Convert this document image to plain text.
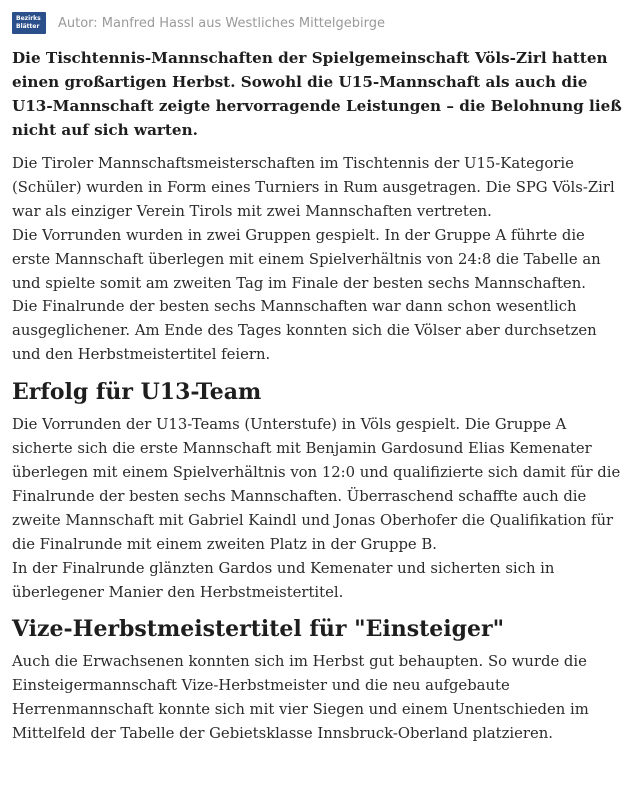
Bezirks
Blätter Autor: Manfred Hassl aus Westliches Mittelgebirge

Die Tischtennis-Mannschaften der Spielgemeinschaft Völs-Zirl hatten einen großartigen Herbst. Sowohl die U15-Mannschaft als auch die U13-Mannschaft zeigte hervorragende Leistungen – die Belohnung ließ nicht auf sich warten.

Die Tiroler Mannschaftsmeisterschaften im Tischtennis der U15-Kategorie (Schüler) wurden in Form eines Turniers in Rum ausgetragen. Die SPG Völs-Zirl war als einziger Verein Tirols mit zwei Mannschaften vertreten.
Die Vorrunden wurden in zwei Gruppen gespielt. In der Gruppe A führte die erste Mannschaft überlegen mit einem Spielverhältnis von 24:8 die Tabelle an und spielte somit am zweiten Tag im Finale der besten sechs Mannschaften.
Die Finalrunde der besten sechs Mannschaften war dann schon wesentlich ausgeglichener. Am Ende des Tages konnten sich die Völser aber durchsetzen und den Herbstmeistertitel feiern.
Erfolg für U13-Team
Die Vorrunden der U13-Teams (Unterstufe) in Völs gespielt. Die Gruppe A sicherte sich die erste Mannschaft mit Benjamin Gardosund Elias Kemenater überlegen mit einem Spielverhältnis von 12:0 und qualifizierte sich damit für die Finalrunde der besten sechs Mannschaften. Überraschend schaffte auch die zweite Mannschaft mit Gabriel Kaindl und Jonas Oberhofer die Qualifikation für die Finalrunde mit einem zweiten Platz in der Gruppe B.
In der Finalrunde glänzten Gardos und Kemenater und sicherten sich in überlegener Manier den Herbstmeistertitel.
Vize-Herbstmeistertitel für "Einsteiger"
Auch die Erwachsenen konnten sich im Herbst gut behaupten. So wurde die Einsteigermannschaft Vize-Herbstmeister und die neu aufgebaute Herrenmannschaft konnte sich mit vier Siegen und einem Unentschieden im Mittelfeld der Tabelle der Gebietsklasse Innsbruck-Oberland platzieren.
